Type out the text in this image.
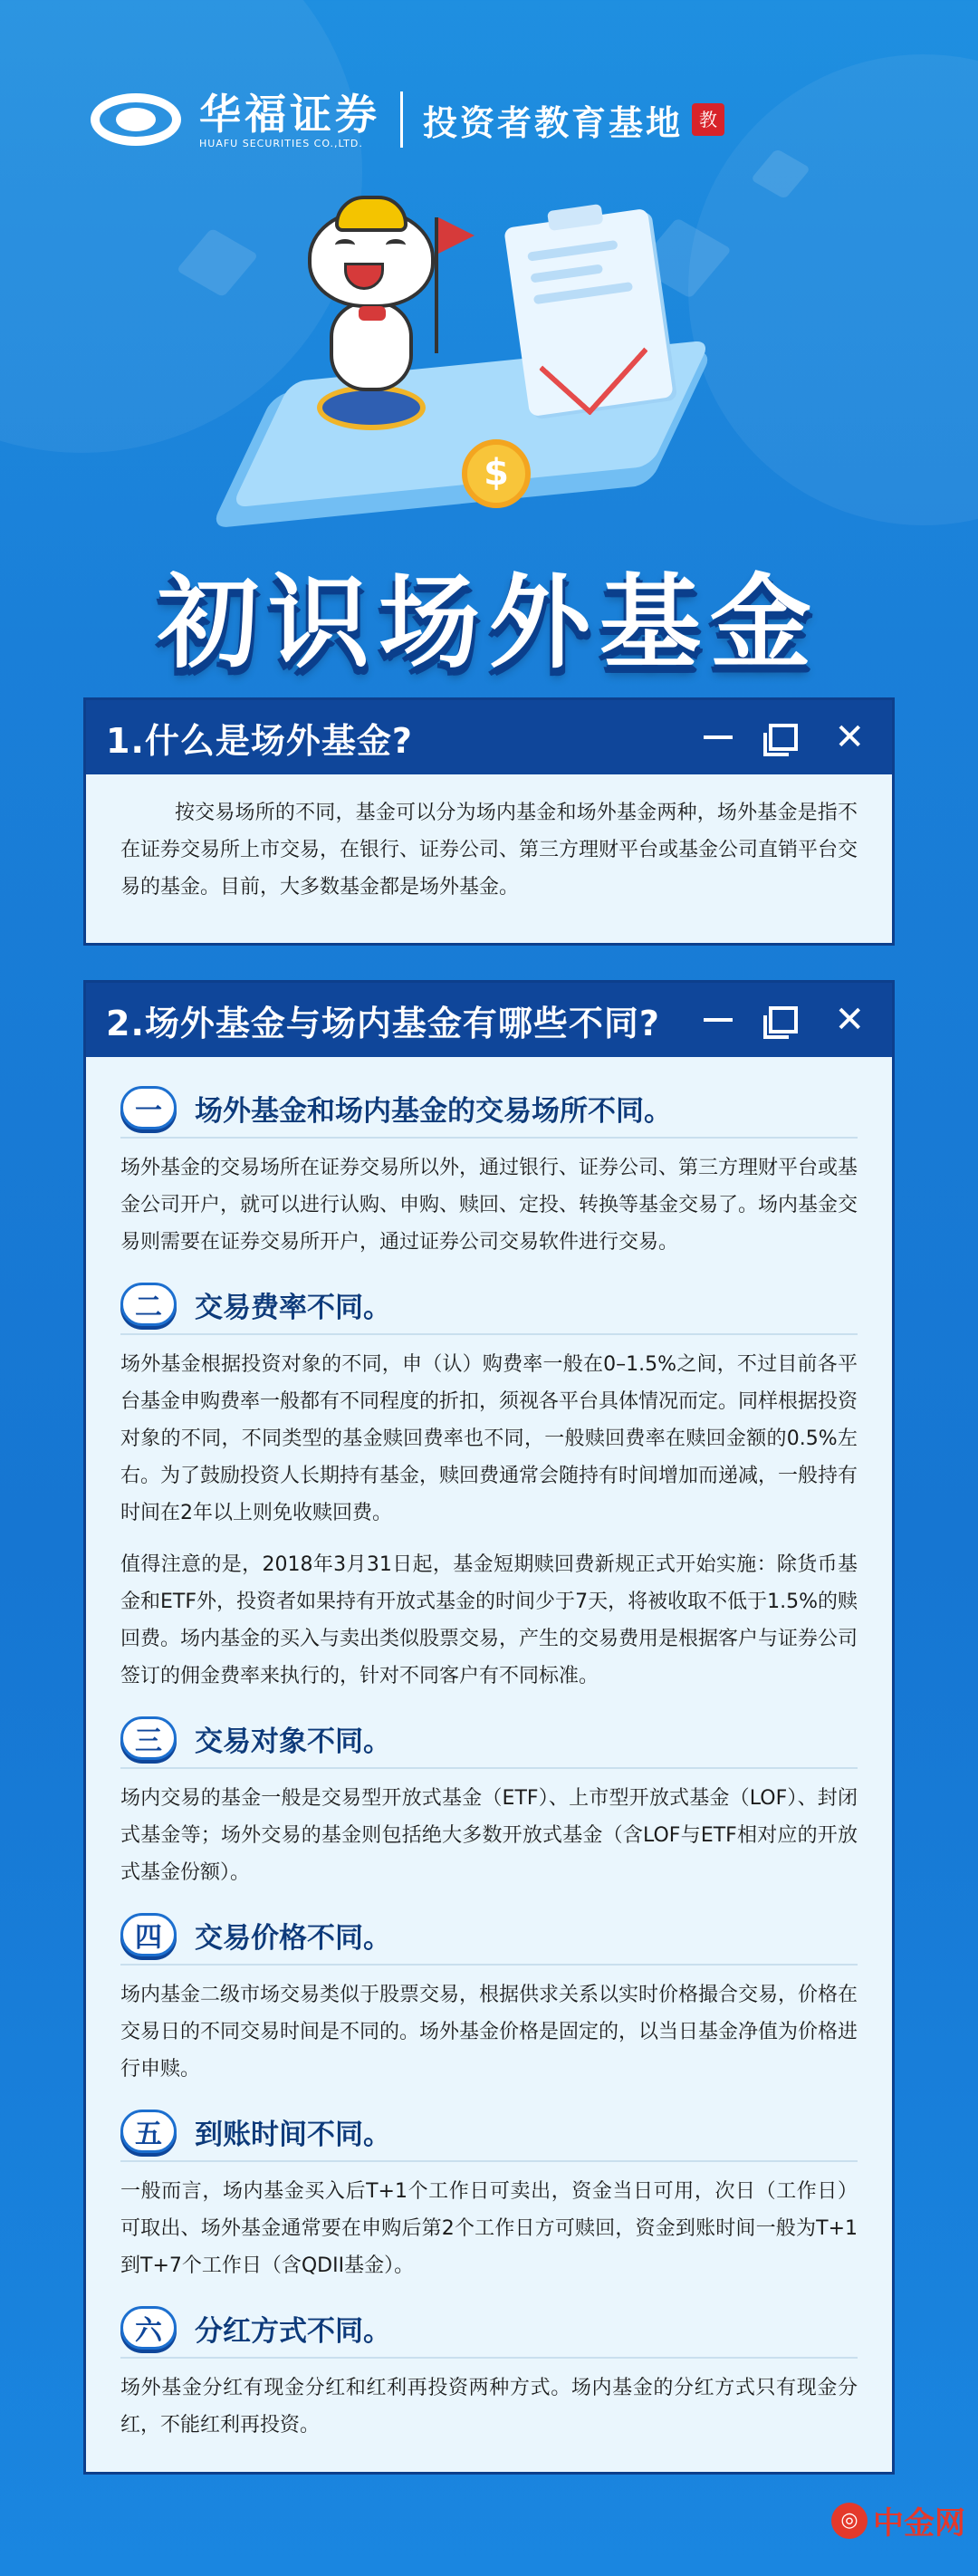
华福证券
HUAFU SECURITIES CO.,LTD.
投资者教育基地 教
$
初识场外基金
1.什么是场外基金?	✕

按交易场所的不同，基金可以分为场内基金和场外基金两种，场外基金是指不在证券交易所上市交易，在银行、证券公司、第三方理财平台或基金公司直销平台交易的基金。目前，大多数基金都是场外基金。

2.场外基金与场内基金有哪些不同?	✕
一	场外基金和场内基金的交易场所不同。

场外基金的交易场所在证券交易所以外，通过银行、证券公司、第三方理财平台或基金公司开户，就可以进行认购、申购、赎回、定投、转换等基金交易了。场内基金交易则需要在证券交易所开户，通过证券公司交易软件进行交易。

二	交易费率不同。

场外基金根据投资对象的不同，申（认）购费率一般在0–1.5%之间，不过目前各平台基金申购费率一般都有不同程度的折扣，须视各平台具体情况而定。同样根据投资对象的不同，不同类型的基金赎回费率也不同，一般赎回费率在赎回金额的0.5%左右。为了鼓励投资人长期持有基金，赎回费通常会随持有时间增加而递减，一般持有时间在2年以上则免收赎回费。

值得注意的是，2018年3月31日起，基金短期赎回费新规正式开始实施：除货币基金和ETF外，投资者如果持有开放式基金的时间少于7天，将被收取不低于1.5%的赎回费。场内基金的买入与卖出类似股票交易，产生的交易费用是根据客户与证券公司签订的佣金费率来执行的，针对不同客户有不同标准。

三	交易对象不同。

场内交易的基金一般是交易型开放式基金（ETF）、上市型开放式基金（LOF）、封闭式基金等；场外交易的基金则包括绝大多数开放式基金（含LOF与ETF相对应的开放式基金份额）。

四	交易价格不同。

场内基金二级市场交易类似于股票交易，根据供求关系以实时价格撮合交易，价格在交易日的不同交易时间是不同的。场外基金价格是固定的，以当日基金净值为价格进行申赎。

五	到账时间不同。

一般而言，场内基金买入后T+1个工作日可卖出，资金当日可用，次日（工作日）可取出、场外基金通常要在申购后第2个工作日方可赎回，资金到账时间一般为T+1到T+7个工作日（含QDII基金）。

六	分红方式不同。

场外基金分红有现金分红和红利再投资两种方式。场内基金的分红方式只有现金分红，不能红利再投资。

◎ 中金网
